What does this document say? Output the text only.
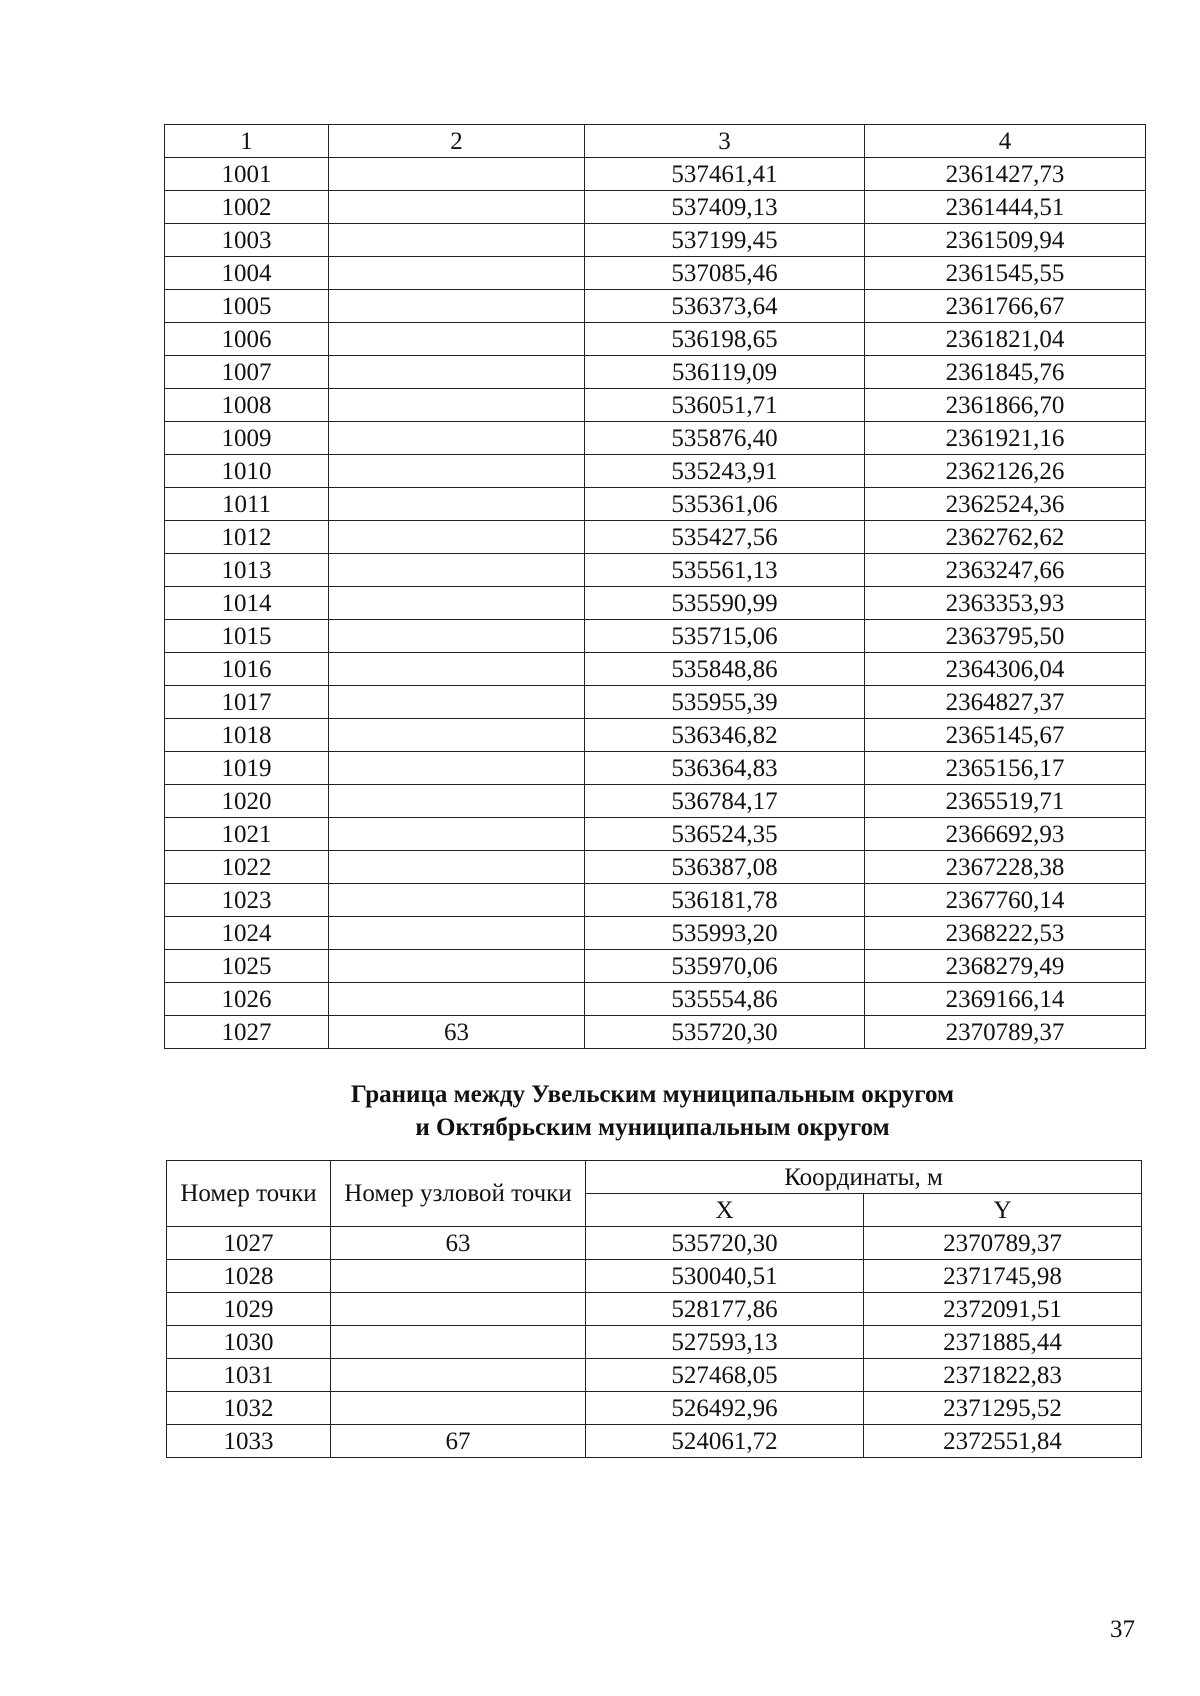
1	2	3	4
1001		537461,41	2361427,73
1002		537409,13	2361444,51
1003		537199,45	2361509,94
1004		537085,46	2361545,55
1005		536373,64	2361766,67
1006		536198,65	2361821,04
1007		536119,09	2361845,76
1008		536051,71	2361866,70
1009		535876,40	2361921,16
1010		535243,91	2362126,26
1011		535361,06	2362524,36
1012		535427,56	2362762,62
1013		535561,13	2363247,66
1014		535590,99	2363353,93
1015		535715,06	2363795,50
1016		535848,86	2364306,04
1017		535955,39	2364827,37
1018		536346,82	2365145,67
1019		536364,83	2365156,17
1020		536784,17	2365519,71
1021		536524,35	2366692,93
1022		536387,08	2367228,38
1023		536181,78	2367760,14
1024		535993,20	2368222,53
1025		535970,06	2368279,49
1026		535554,86	2369166,14
1027	63	535720,30	2370789,37
Граница между Увельским муниципальным округом
и Октябрьским муниципальным округом
Номер точки	Номер узловой точки	Координаты, м	
		X	Y
1027	63	535720,30	2370789,37
1028		530040,51	2371745,98
1029		528177,86	2372091,51
1030		527593,13	2371885,44
1031		527468,05	2371822,83
1032		526492,96	2371295,52
1033	67	524061,72	2372551,84
37
